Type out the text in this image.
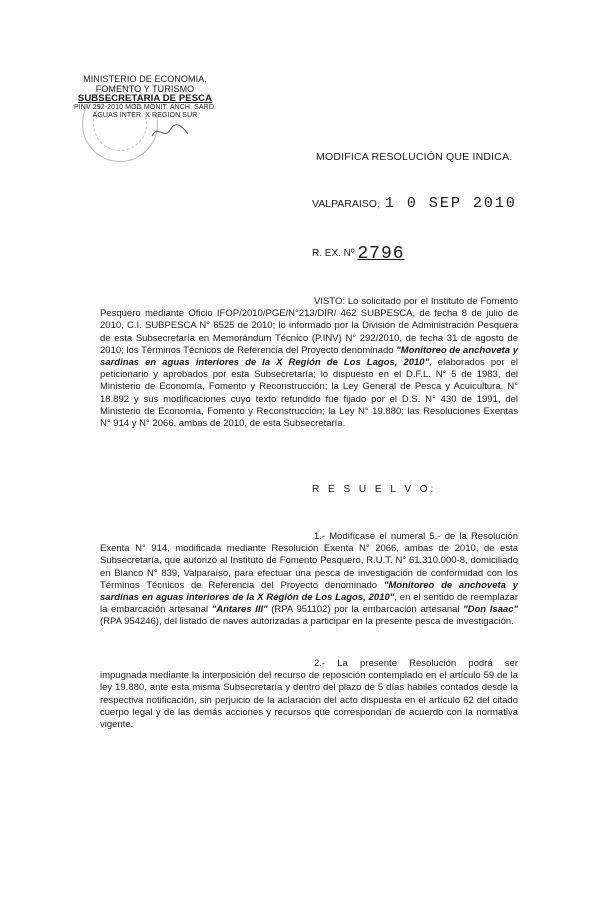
MINISTERIO DE ECONOMIA,
FOMENTO Y TURISMO
SUBSECRETARIA DE PESCA
PINV 292-2010 MOD MONIT. ANCH. SARD.
AGUAS INTER. X REGION SUR
MODIFICA RESOLUCIÓN QUE INDICA.
VALPARAISO, 1 0 SEP 2010
R. EX. Nº 2796

VISTO: Lo solicitado por el Instituto de Fomento Pesquero mediante Oficio IFOP/2010/PGE/N°213/DIR/ 462 SUBPESCA, de fecha 8 de julio de 2010, C.I. SUBPESCA N° 6525 de 2010; lo informado por la División de Administración Pesquera de esta Subsecretaría en Memorándum Técnico (P.INV) N° 292/2010, de fecha 31 de agosto de 2010; los Términos Técnicos de Referencia del Proyecto denominado "Monitoreo de anchoveta y sardinas en aguas interiores de la X Región de Los Lagos, 2010", elaborados por el peticionario y aprobados por esta Subsecretaría; lo dispuesto en el D.F.L. N° 5 de 1983, del Ministerio de Economía, Fomento y Reconstrucción; la Ley General de Pesca y Acuicultura, N° 18.892 y sus modificaciones cuyo texto refundido fue fijado por el D.S. N° 430 de 1991, del Ministerio de Economía, Fomento y Reconstrucción; la Ley N° 19.880; las Resoluciones Exentas N° 914 y N° 2066, ambas de 2010, de esta Subsecretaría.

R E S U E L V O:

1.- Modifícase el numeral 5.- de la Resolución Exenta N° 914, modificada mediante Resolución Exenta N° 2066, ambas de 2010, de esta Subsecretaría, que autorizó al Instituto de Fomento Pesquero, R.U.T. N° 61.310.000-8, domiciliado en Blanco N° 839, Valparaíso, para efectuar una pesca de investigación de conformidad con los Términos Técnicos de Referencia del Proyecto denominado "Monitoreo de anchoveta y sardinas en aguas interiores de la X Región de Los Lagos, 2010", en el sentido de reemplazar la embarcación artesanal "Antares III" (RPA 951102) por la embarcación artesanal "Don Isaac" (RPA 954246), del listado de naves autorizadas a participar en la presente pesca de investigación.

2.- La presente Resolución podrá ser impugnada mediante la interposición del recurso de reposición contemplado en el artículo 59 de la ley 19.880, ante esta misma Subsecretaría y dentro del plazo de 5 días hábiles contados desde la respectiva notificación, sin perjuicio de la aclaración del acto dispuesta en el artículo 62 del citado cuerpo legal y de las demás acciones y recursos que correspondan de acuerdo con la normativa vigente.
